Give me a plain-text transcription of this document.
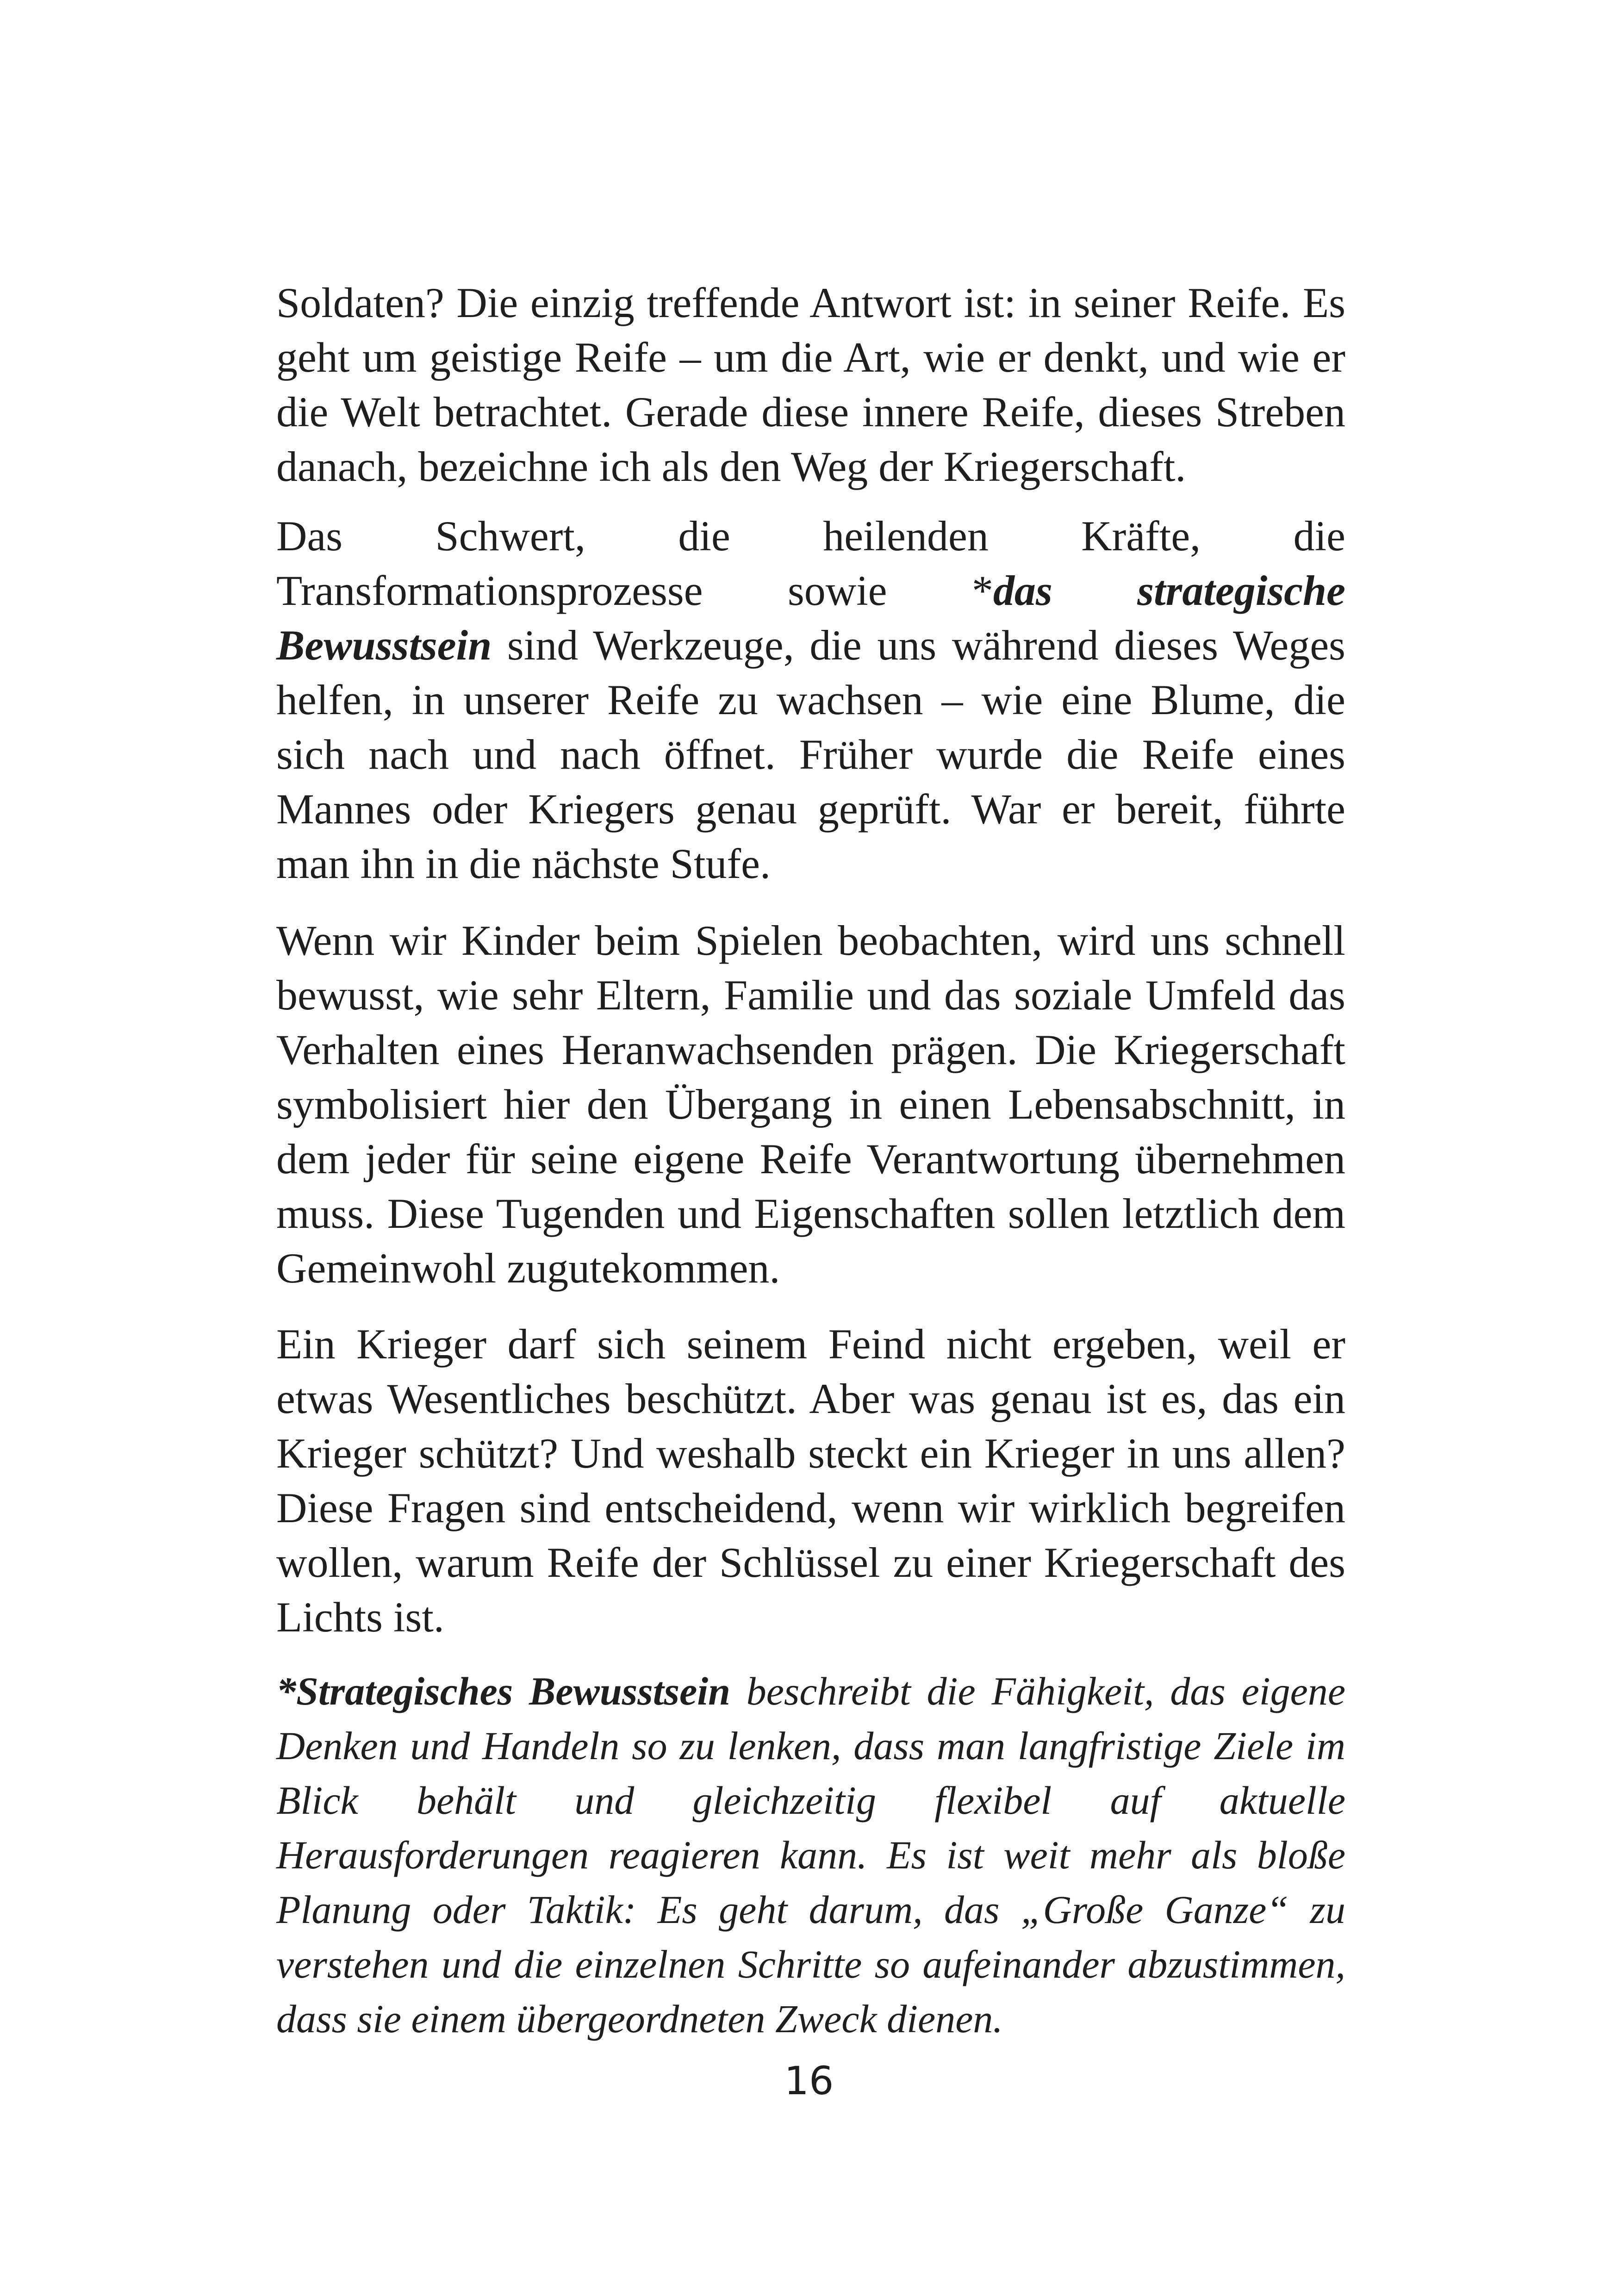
Soldaten? Die einzig treffende Antwort ist: in seiner Reife. Es geht um geistige Reife – um die Art, wie er denkt, und wie er die Welt betrachtet. Gerade diese innere Reife, dieses Streben danach, bezeichne ich als den Weg der Kriegerschaft.

Das Schwert, die heilenden Kräfte, die Transformationsprozesse sowie *das strategische Bewusstsein sind Werkzeuge, die uns während dieses Weges helfen, in unserer Reife zu wachsen – wie eine Blume, die sich nach und nach öffnet. Früher wurde die Reife eines Mannes oder Kriegers genau geprüft. War er bereit, führte man ihn in die nächste Stufe.

Wenn wir Kinder beim Spielen beobachten, wird uns schnell bewusst, wie sehr Eltern, Familie und das soziale Umfeld das Verhalten eines Heranwachsenden prägen. Die Kriegerschaft symbolisiert hier den Übergang in einen Lebensabschnitt, in dem jeder für seine eigene Reife Verantwortung übernehmen muss. Diese Tugenden und Eigenschaften sollen letztlich dem Gemeinwohl zugutekommen.

Ein Krieger darf sich seinem Feind nicht ergeben, weil er etwas Wesentliches beschützt. Aber was genau ist es, das ein Krieger schützt? Und weshalb steckt ein Krieger in uns allen? Diese Fragen sind entscheidend, wenn wir wirklich begreifen wollen, warum Reife der Schlüssel zu einer Kriegerschaft des Lichts ist.

*Strategisches Bewusstsein beschreibt die Fähigkeit, das eigene Denken und Handeln so zu lenken, dass man langfristige Ziele im Blick behält und gleichzeitig flexibel auf aktuelle Herausforderungen reagieren kann. Es ist weit mehr als bloße Planung oder Taktik: Es geht darum, das „Große Ganze“ zu verstehen und die einzelnen Schritte so aufeinander abzustimmen, dass sie einem übergeordneten Zweck dienen.

16
